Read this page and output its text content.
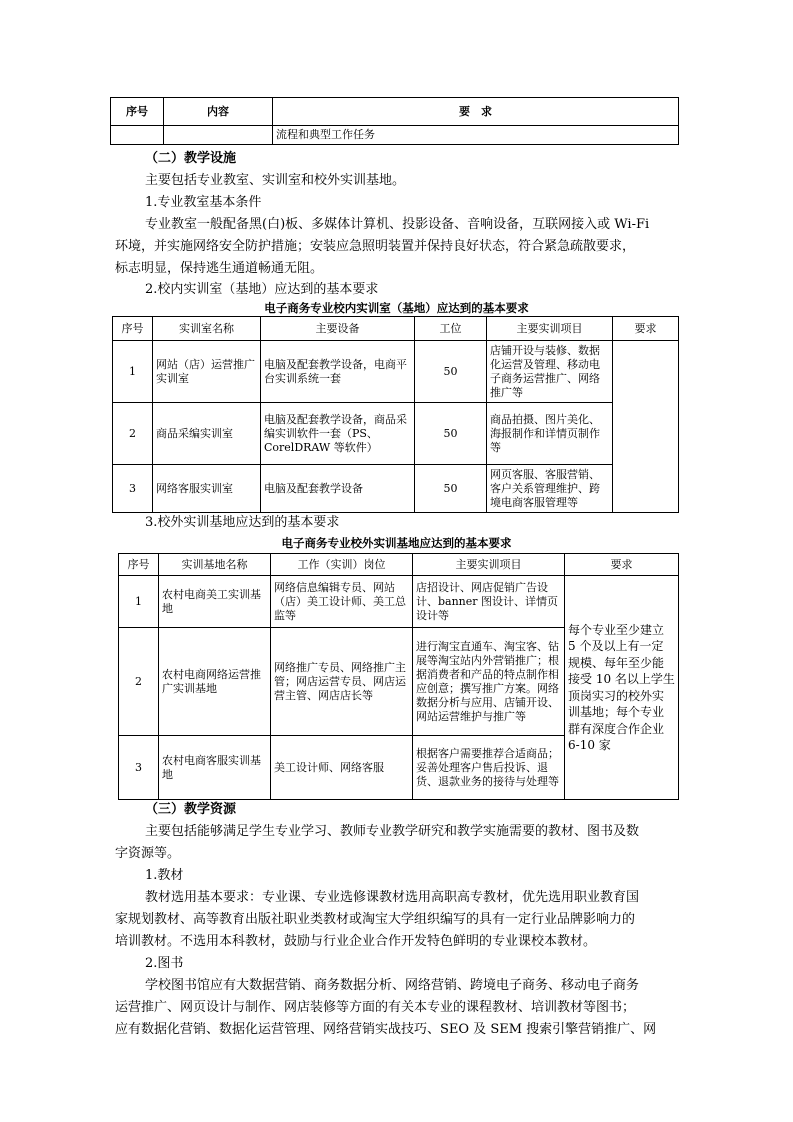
序号	内容	要　求
		流程和典型工作任务
（二）教学设施
主要包括专业教室、实训室和校外实训基地。
1.专业教室基本条件
专业教室一般配备黑(白)板、多媒体计算机、投影设备、音响设备，互联网接入或 Wi-Fi
环境，并实施网络安全防护措施；安装应急照明装置并保持良好状态，符合紧急疏散要求，
标志明显，保持逃生通道畅通无阻。
2.校内实训室（基地）应达到的基本要求
电子商务专业校内实训室（基地）应达到的基本要求
序号	实训室名称	主要设备	工位	主要实训项目	要求
1	网站（店）运营推广实训室	电脑及配套教学设备，电商平台实训系统一套	50	店铺开设与装修、数据化运营及管理、移动电子商务运营推广、网络推广等	
2	商品采编实训室	电脑及配套教学设备，商品采编实训软件一套（PS、CorelDRAW 等软件）	50	商品拍摄、图片美化、海报制作和详情页制作等	
3	网络客服实训室	电脑及配套教学设备	50	网页客服、客服营销、客户关系管理维护、跨境电商客服管理等	
3.校外实训基地应达到的基本要求
电子商务专业校外实训基地应达到的基本要求
序号	实训基地名称	工作（实训）岗位	主要实训项目	要求
1	农村电商美工实训基地	网络信息编辑专员、网站（店）美工设计师、美工总监等	店招设计、网店促销广告设计、banner 图设计、详情页设计等	每个专业至少建立 5 个及以上有一定规模、每年至少能接受 10 名以上学生顶岗实习的校外实训基地；每个专业群有深度合作企业 6-10 家
2	农村电商网络运营推广实训基地	网络推广专员、网络推广主管；网店运营专员、网店运营主管、网店店长等	进行淘宝直通车、淘宝客、钻展等淘宝站内外营销推广；根据消费者和产品的特点制作相应创意；撰写推广方案。网络数据分析与应用、店铺开设、网站运营维护与推广等	
3	农村电商客服实训基地	美工设计师、网络客服	根据客户需要推荐合适商品；妥善处理客户售后投诉、退货、退款业务的接待与处理等	
（三）教学资源
主要包括能够满足学生专业学习、教师专业教学研究和教学实施需要的教材、图书及数
字资源等。
1.教材
教材选用基本要求：专业课、专业选修课教材选用高职高专教材，优先选用职业教育国
家规划教材、高等教育出版社职业类教材或淘宝大学组织编写的具有一定行业品牌影响力的
培训教材。不选用本科教材，鼓励与行业企业合作开发特色鲜明的专业课校本教材。
2.图书
学校图书馆应有大数据营销、商务数据分析、网络营销、跨境电子商务、移动电子商务
运营推广、网页设计与制作、网店装修等方面的有关本专业的课程教材、培训教材等图书；
应有数据化营销、数据化运营管理、网络营销实战技巧、SEO 及 SEM 搜索引擎营销推广、网
